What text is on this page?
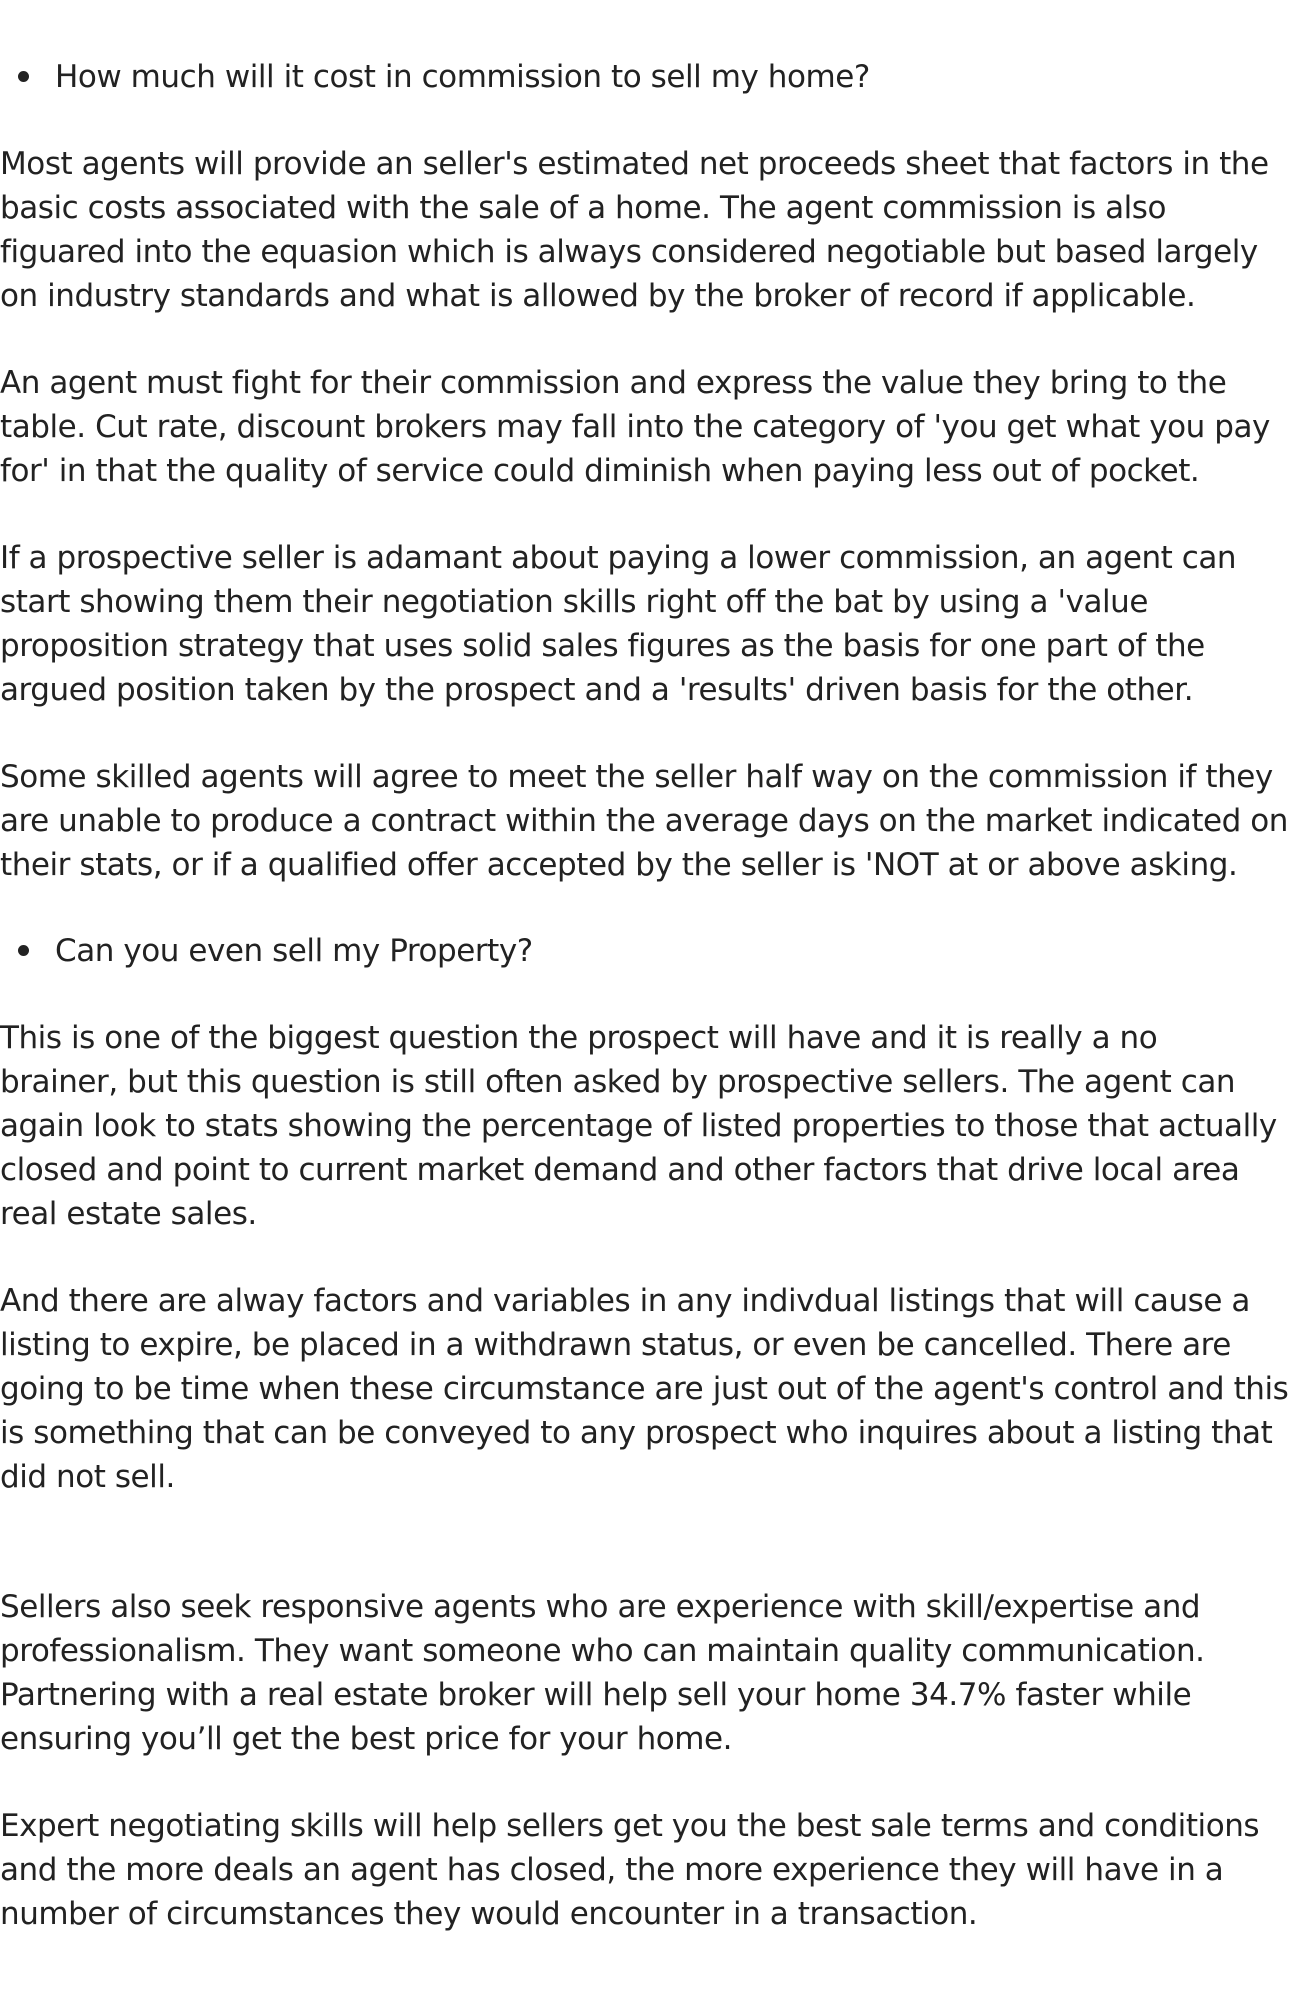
How much will it cost in commission to sell my home?

Most agents will provide an seller's estimated net proceeds sheet that factors in the
basic costs associated with the sale of a home. The agent commission is also
figuared into the equasion which is always considered negotiable but based largely
on industry standards and what is allowed by the broker of record if applicable.

An agent must fight for their commission and express the value they bring to the
table. Cut rate, discount brokers may fall into the category of 'you get what you pay
for' in that the quality of service could diminish when paying less out of pocket.

If a prospective seller is adamant about paying a lower commission, an agent can
start showing them their negotiation skills right off the bat by using a 'value
proposition strategy that uses solid sales figures as the basis for one part of the
argued position taken by the prospect and a 'results' driven basis for the other.

Some skilled agents will agree to meet the seller half way on the commission if they
are unable to produce a contract within the average days on the market indicated on
their stats, or if a qualified offer accepted by the seller is 'NOT at or above asking.

Can you even sell my Property?

This is one of the biggest question the prospect will have and it is really a no
brainer, but this question is still often asked by prospective sellers. The agent can
again look to stats showing the percentage of listed properties to those that actually
closed and point to current market demand and other factors that drive local area
real estate sales.

And there are alway factors and variables in any indivdual listings that will cause a
listing to expire, be placed in a withdrawn status, or even be cancelled. There are
going to be time when these circumstance are just out of the agent's control and this
is something that can be conveyed to any prospect who inquires about a listing that
did not sell.

Sellers also seek responsive agents who are experience with skill/expertise and
professionalism. They want someone who can maintain quality communication.
Partnering with a real estate broker will help sell your home 34.7% faster while
ensuring you’ll get the best price for your home.

Expert negotiating skills will help sellers get you the best sale terms and conditions
and the more deals an agent has closed, the more experience they will have in a
number of circumstances they would encounter in a transaction.
